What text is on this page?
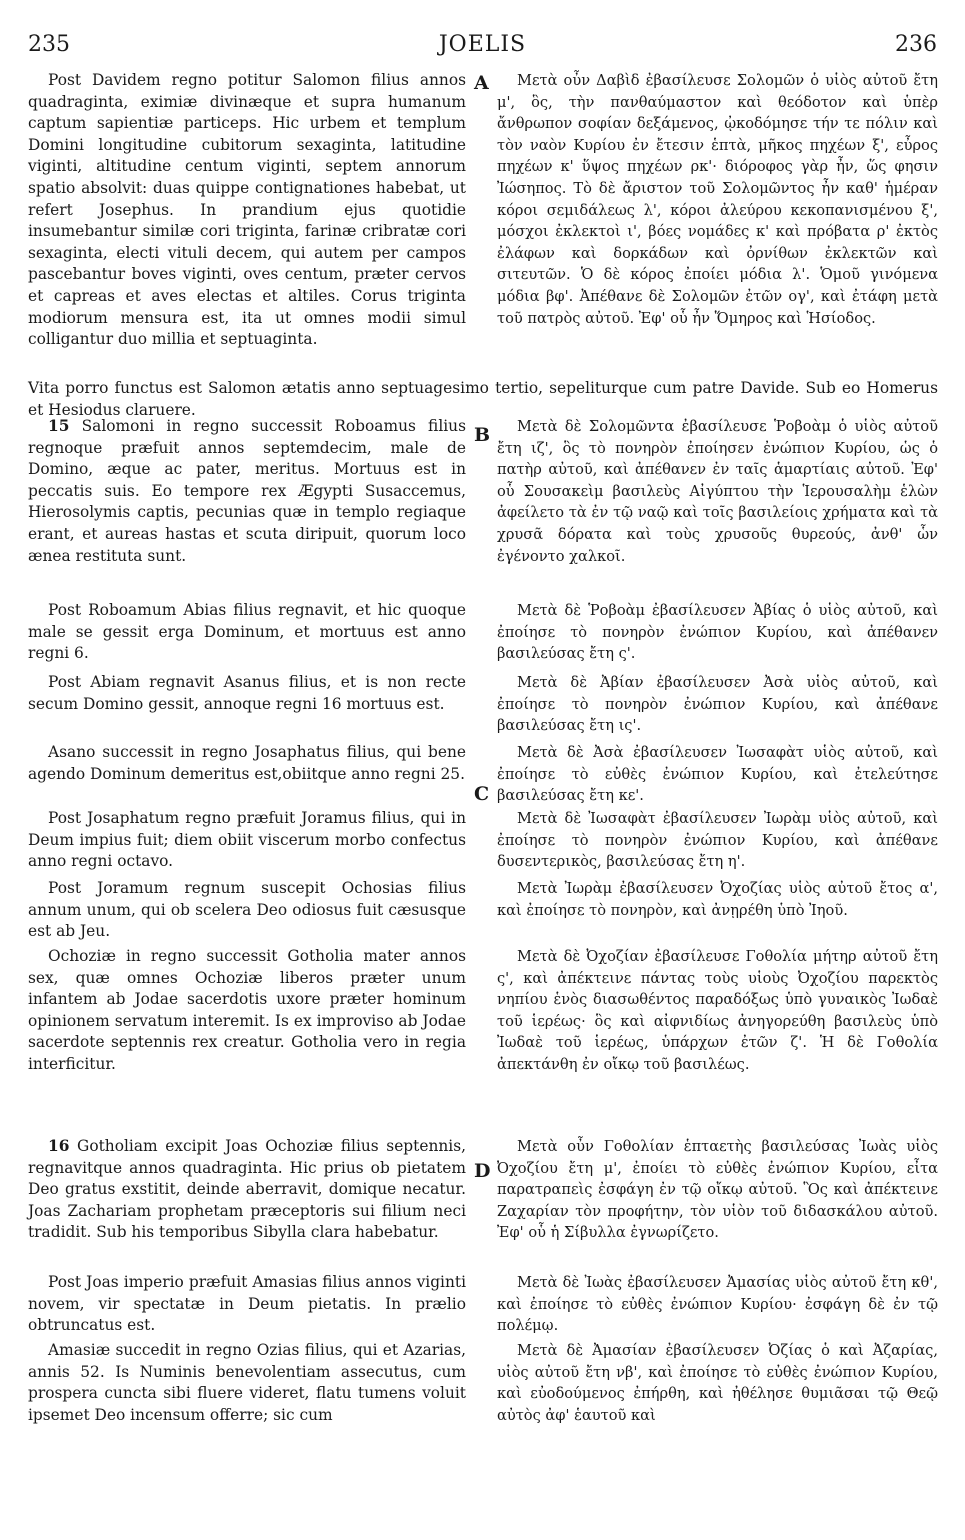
235	JOELIS	236
A
B
C
D

Post Davidem regno potitur Salomon filius annos quadraginta, eximiæ divinæque et supra humanum captum sapientiæ particeps. Hic urbem et templum Domini longitudine cubitorum sexaginta, latitudine viginti, altitudine centum viginti, septem annorum spatio absolvit: duas quippe contignationes habebat, ut refert Josephus. In prandium ejus quotidie insumebantur similæ cori triginta, farinæ cribratæ cori sexaginta, electi vituli decem, qui autem per campos pascebantur boves viginti, oves centum, præter cervos et capreas et aves electas et altiles. Corus triginta modiorum mensura est, ita ut omnes modii simul colligantur duo millia et septuaginta.

15 Salomoni in regno successit Roboamus filius regnoque præfuit annos septemdecim, male de Domino, æque ac pater, meritus. Mortuus est in peccatis suis. Eo tempore rex Ægypti Susaccemus, Hierosolymis captis, pecunias quæ in templo regiaque erant, et aureas hastas et scuta diripuit, quorum loco ænea restituta sunt.

Post Roboamum Abias filius regnavit, et hic quoque male se gessit erga Dominum, et mortuus est anno regni 6.

Post Abiam regnavit Asanus filius, et is non recte secum Domino gessit, annoque regni 16 mortuus est.

Asano successit in regno Josaphatus filius, qui bene agendo Dominum demeritus est,obiitque anno regni 25.

Post Josaphatum regno præfuit Joramus filius, qui in Deum impius fuit; diem obiit viscerum morbo confectus anno regni octavo.

Post Joramum regnum suscepit Ochosias filius annum unum, qui ob scelera Deo odiosus fuit cæsusque est ab Jeu.

Ochoziæ in regno successit Gotholia mater annos sex, quæ omnes Ochoziæ liberos præter unum infantem ab Jodae sacerdotis uxore præter hominum opinionem servatum interemit. Is ex improviso ab Jodae sacerdote septennis rex creatur. Gotholia vero in regia interficitur.

16 Gotholiam excipit Joas Ochoziæ filius septennis, regnavitque annos quadraginta. Hic prius ob pietatem Deo gratus exstitit, deinde aberravit, domique necatur. Joas Zachariam prophetam præceptoris sui filium neci tradidit. Sub his temporibus Sibylla clara habebatur.

Post Joas imperio præfuit Amasias filius annos viginti novem, vir spectatæ in Deum pietatis. In prælio obtruncatus est.

Amasiæ succedit in regno Ozias filius, qui et Azarias, annis 52. Is Numinis benevolentiam assecutus, cum prospera cuncta sibi fluere videret, flatu tumens voluit ipsemet Deo incensum offerre; sic cum

Vita porro functus est Salomon ætatis anno septuagesimo tertio, sepeliturque cum patre Davide. Sub eo Homerus et Hesiodus claruere.

Μετὰ οὖν Δαβὶδ ἐβασίλευσε Σολομῶν ὁ υἱὸς αὐτοῦ ἔτη μ', ὃς, τὴν πανθαύμαστον καὶ θεόδοτον καὶ ὑπὲρ ἄνθρωπον σοφίαν δεξάμενος, ᾠκοδόμησε τήν τε πόλιν καὶ τὸν ναὸν Κυρίου ἐν ἔτεσιν ἑπτὰ, μῆκος πηχέων ξ', εὖρος πηχέων κ' ὕψος πηχέων ρκ'· διόροφος γὰρ ἦν, ὥς φησιν Ἰώσηπος. Τὸ δὲ ἄριστον τοῦ Σολομῶντος ἦν καθ' ἡμέραν κόροι σεμιδάλεως λ', κόροι ἀλεύρου κεκοπανισμένου ξ', μόσχοι ἐκλεκτοὶ ι', βόες νομάδες κ' καὶ πρόβατα ρ' ἐκτὸς ἐλάφων καὶ δορκάδων καὶ ὀρνίθων ἐκλεκτῶν καὶ σιτευτῶν. Ὁ δὲ κόρος ἐποίει μόδια λ'. Ὁμοῦ γινόμενα μόδια βφ'. Ἀπέθανε δὲ Σολομῶν ἐτῶν ογ', καὶ ἐτάφη μετὰ τοῦ πατρὸς αὐτοῦ. Ἐφ' οὗ ἦν Ὅμηρος καὶ Ἡσίοδος.

Μετὰ δὲ Σολομῶντα ἐβασίλευσε Ῥοβοὰμ ὁ υἱὸς αὐτοῦ ἔτη ιζ', ὃς τὸ πονηρὸν ἐποίησεν ἐνώπιον Κυρίου, ὡς ὁ πατὴρ αὐτοῦ, καὶ ἀπέθανεν ἐν ταῖς ἁμαρτίαις αὐτοῦ. Ἐφ' οὗ Σουσακεὶμ βασιλεὺς Αἰγύπτου τὴν Ἱερουσαλὴμ ἑλὼν ἀφείλετο τὰ ἐν τῷ ναῷ καὶ τοῖς βασιλείοις χρήματα καὶ τὰ χρυσᾶ δόρατα καὶ τοὺς χρυσοῦς θυρεούς, ἀνθ' ὧν ἐγένοντο χαλκοῖ.

Μετὰ δὲ Ῥοβοὰμ ἐβασίλευσεν Ἀβίας ὁ υἱὸς αὐτοῦ, καὶ ἐποίησε τὸ πονηρὸν ἐνώπιον Κυρίου, καὶ ἀπέθανεν βασιλεύσας ἔτη ς'.

Μετὰ δὲ Ἀβίαν ἐβασίλευσεν Ἀσὰ υἱὸς αὐτοῦ, καὶ ἐποίησε τὸ πονηρὸν ἐνώπιον Κυρίου, καὶ ἀπέθανε βασιλεύσας ἔτη ις'.

Μετὰ δὲ Ἀσὰ ἐβασίλευσεν Ἰωσαφὰτ υἱὸς αὐτοῦ, καὶ ἐποίησε τὸ εὐθὲς ἐνώπιον Κυρίου, καὶ ἐτελεύτησε βασιλεύσας ἔτη κε'.

Μετὰ δὲ Ἰωσαφὰτ ἐβασίλευσεν Ἰωρὰμ υἱὸς αὐτοῦ, καὶ ἐποίησε τὸ πονηρὸν ἐνώπιον Κυρίου, καὶ ἀπέθανε δυσεντερικὸς, βασιλεύσας ἔτη η'.

Μετὰ Ἰωρὰμ ἐβασίλευσεν Ὀχοζίας υἱὸς αὐτοῦ ἔτος α', καὶ ἐποίησε τὸ πονηρὸν, καὶ ἀνῃρέθη ὑπὸ Ἰηοῦ.

Μετὰ δὲ Ὀχοζίαν ἐβασίλευσε Γοθολία μήτηρ αὐτοῦ ἔτη ς', καὶ ἀπέκτεινε πάντας τοὺς υἱοὺς Ὀχοζίου παρεκτὸς νηπίου ἑνὸς διασωθέντος παραδόξως ὑπὸ γυναικὸς Ἰωδαὲ τοῦ ἱερέως· ὃς καὶ αἰφνιδίως ἀνηγορεύθη βασιλεὺς ὑπὸ Ἰωδαὲ τοῦ ἱερέως, ὑπάρχων ἐτῶν ζ'. Ἡ δὲ Γοθολία ἀπεκτάνθη ἐν οἴκῳ τοῦ βασιλέως.

Μετὰ οὖν Γοθολίαν ἑπταετὴς βασιλεύσας Ἰωὰς υἱὸς Ὀχοζίου ἔτη μ', ἐποίει τὸ εὐθὲς ἐνώπιον Κυρίου, εἶτα παρατραπεὶς ἐσφάγη ἐν τῷ οἴκῳ αὐτοῦ. Ὃς καὶ ἀπέκτεινε Ζαχαρίαν τὸν προφήτην, τὸν υἱὸν τοῦ διδασκάλου αὐτοῦ. Ἐφ' οὗ ἡ Σίβυλλα ἐγνωρίζετο.

Μετὰ δὲ Ἰωὰς ἐβασίλευσεν Ἀμασίας υἱὸς αὐτοῦ ἔτη κθ', καὶ ἐποίησε τὸ εὐθὲς ἐνώπιον Κυρίου· ἐσφάγη δὲ ἐν τῷ πολέμῳ.

Μετὰ δὲ Ἀμασίαν ἐβασίλευσεν Ὀζίας ὁ καὶ Ἀζαρίας, υἱὸς αὐτοῦ ἔτη νβ', καὶ ἐποίησε τὸ εὐθὲς ἐνώπιον Κυρίου, καὶ εὐοδούμενος ἐπήρθη, καὶ ἠθέλησε θυμιᾶσαι τῷ Θεῷ αὐτὸς ἀφ' ἑαυτοῦ καὶ
